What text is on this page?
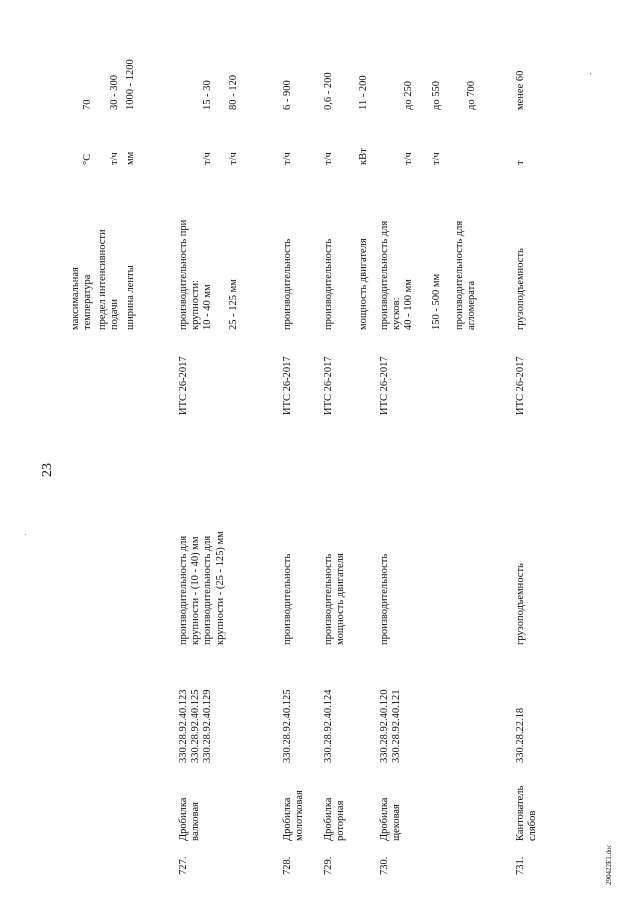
23
290422E1.doc
максимальная температура
°C
70
предел интенсивности подачи
т/ч
30 - 300
ширина ленты
мм
1000 - 1200
727.
Дробилка валковая
330.28.92.40.123 330.28.92.40.125 330.28.92.40.129
производительность для крупности - (10 - 40) мм производительность для крупности - (25 - 125) мм
ИТС 26-2017
производительность при крупности: 10 - 40 мм
т/ч
15 - 30
25 - 125 мм
т/ч
80 - 120
728.
Дробилка молотковая
330.28.92.40.125
производительность
ИТС 26-2017
производительность
т/ч
6 - 900
729.
Дробилка роторная
330.28.92.40.124
производительность мощность двигателя
ИТС 26-2017
производительность
т/ч
0,6 - 200
мощность двигателя
кВт
11 - 200
730.
Дробилка щековая
330.28.92.40.120 330.28.92.40.121
производительность
ИТС 26-2017
производительность для кусков: 40 - 100 мм
т/ч
до 250
150 - 500 мм
т/ч
до 550
производительность для агломерата
до 700
731.
Кантователь слябов
330.28.22.18
грузоподъемность
ИТС 26-2017
грузоподъемность
т
менее 60
